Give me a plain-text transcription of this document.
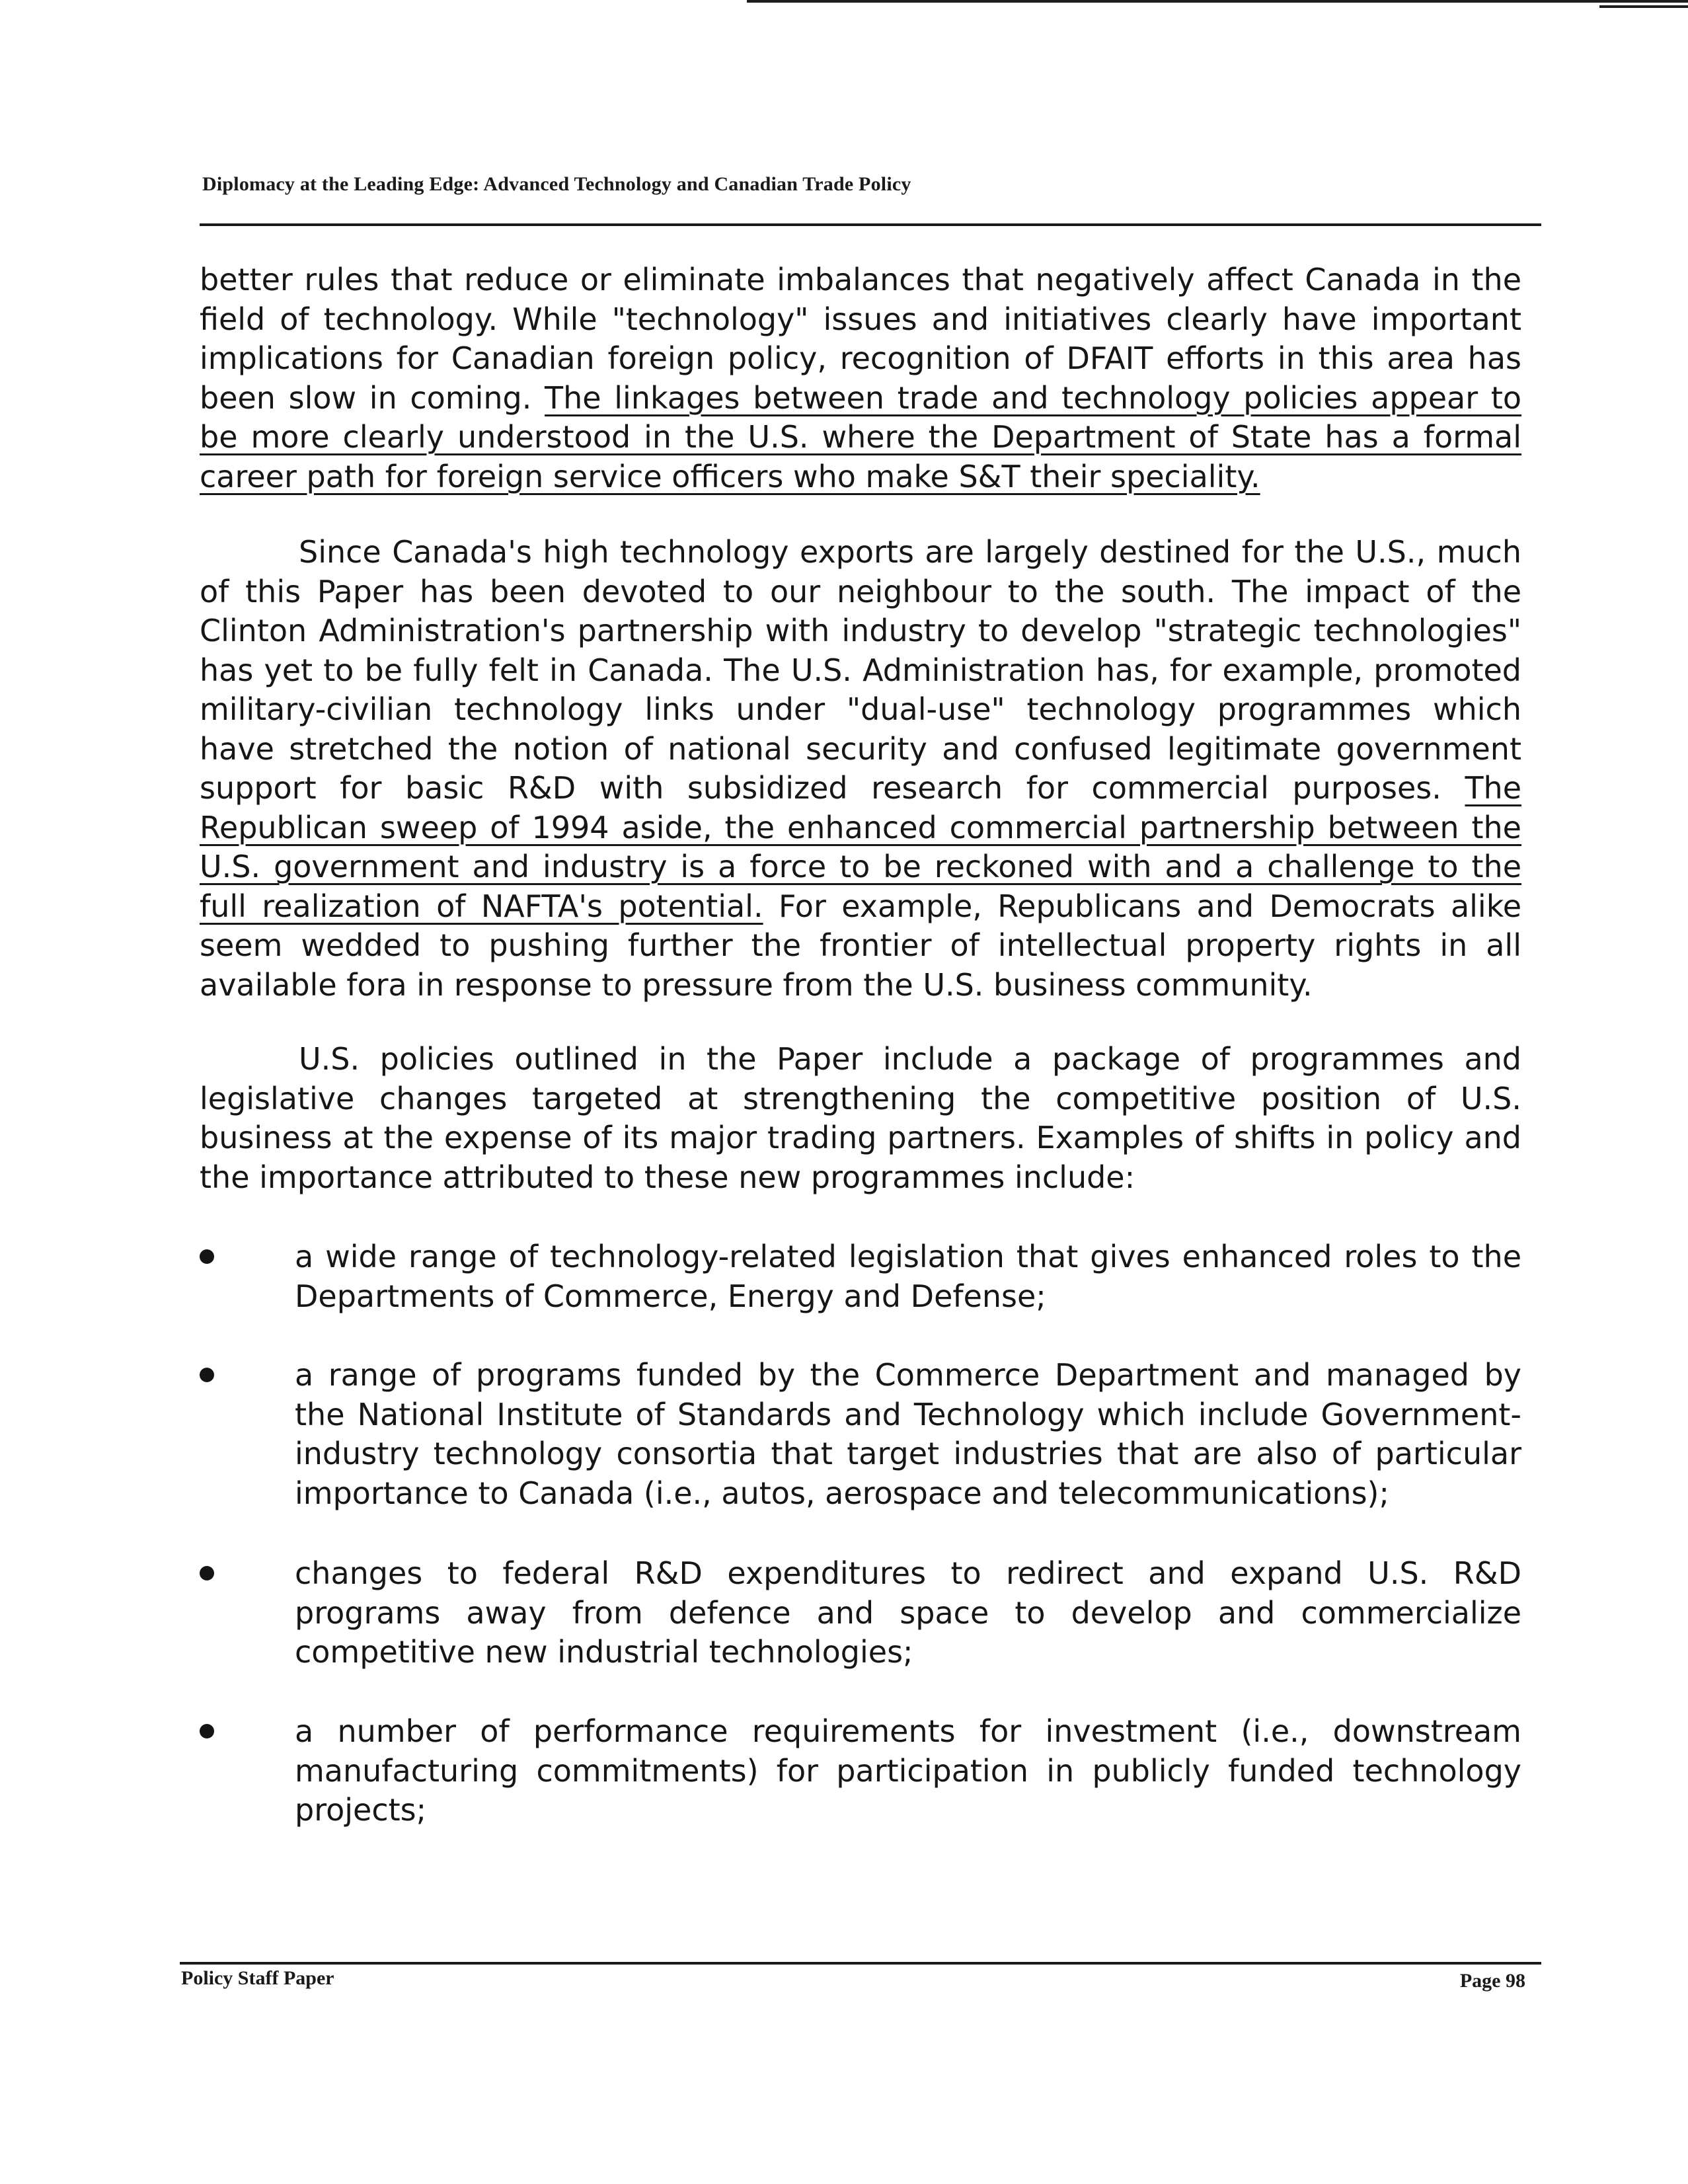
Diplomacy at the Leading Edge: Advanced Technology and Canadian Trade Policy
better rules that reduce or eliminate imbalances that negatively affect Canada in the field of technology. While "technology" issues and initiatives clearly have important implications for Canadian foreign policy, recognition of DFAIT efforts in this area has been slow in coming. The linkages between trade and technology policies appear to be more clearly understood in the U.S. where the Department of State has a formal career path for foreign service officers who make S&T their speciality.
Since Canada's high technology exports are largely destined for the U.S., much of this Paper has been devoted to our neighbour to the south. The impact of the Clinton Administration's partnership with industry to develop "strategic technologies" has yet to be fully felt in Canada. The U.S. Administration has, for example, promoted military-civilian technology links under "dual-use" technology programmes which have stretched the notion of national security and confused legitimate government support for basic R&D with subsidized research for commercial purposes. The Republican sweep of 1994 aside, the enhanced commercial partnership between the U.S. government and industry is a force to be reckoned with and a challenge to the full realization of NAFTA's potential. For example, Republicans and Democrats alike seem wedded to pushing further the frontier of intellectual property rights in all available fora in response to pressure from the U.S. business community.
U.S. policies outlined in the Paper include a package of programmes and legislative changes targeted at strengthening the competitive position of U.S. business at the expense of its major trading partners. Examples of shifts in policy and the importance attributed to these new programmes include:
a wide range of technology-related legislation that gives enhanced roles to the Departments of Commerce, Energy and Defense;
a range of programs funded by the Commerce Department and managed by the National Institute of Standards and Technology which include Government-industry technology consortia that target industries that are also of particular importance to Canada (i.e., autos, aerospace and telecommunications);
changes to federal R&D expenditures to redirect and expand U.S. R&D programs away from defence and space to develop and commercialize competitive new industrial technologies;
a number of performance requirements for investment (i.e., downstream manufacturing commitments) for participation in publicly funded technology projects;
Policy Staff Paper	Page 98
